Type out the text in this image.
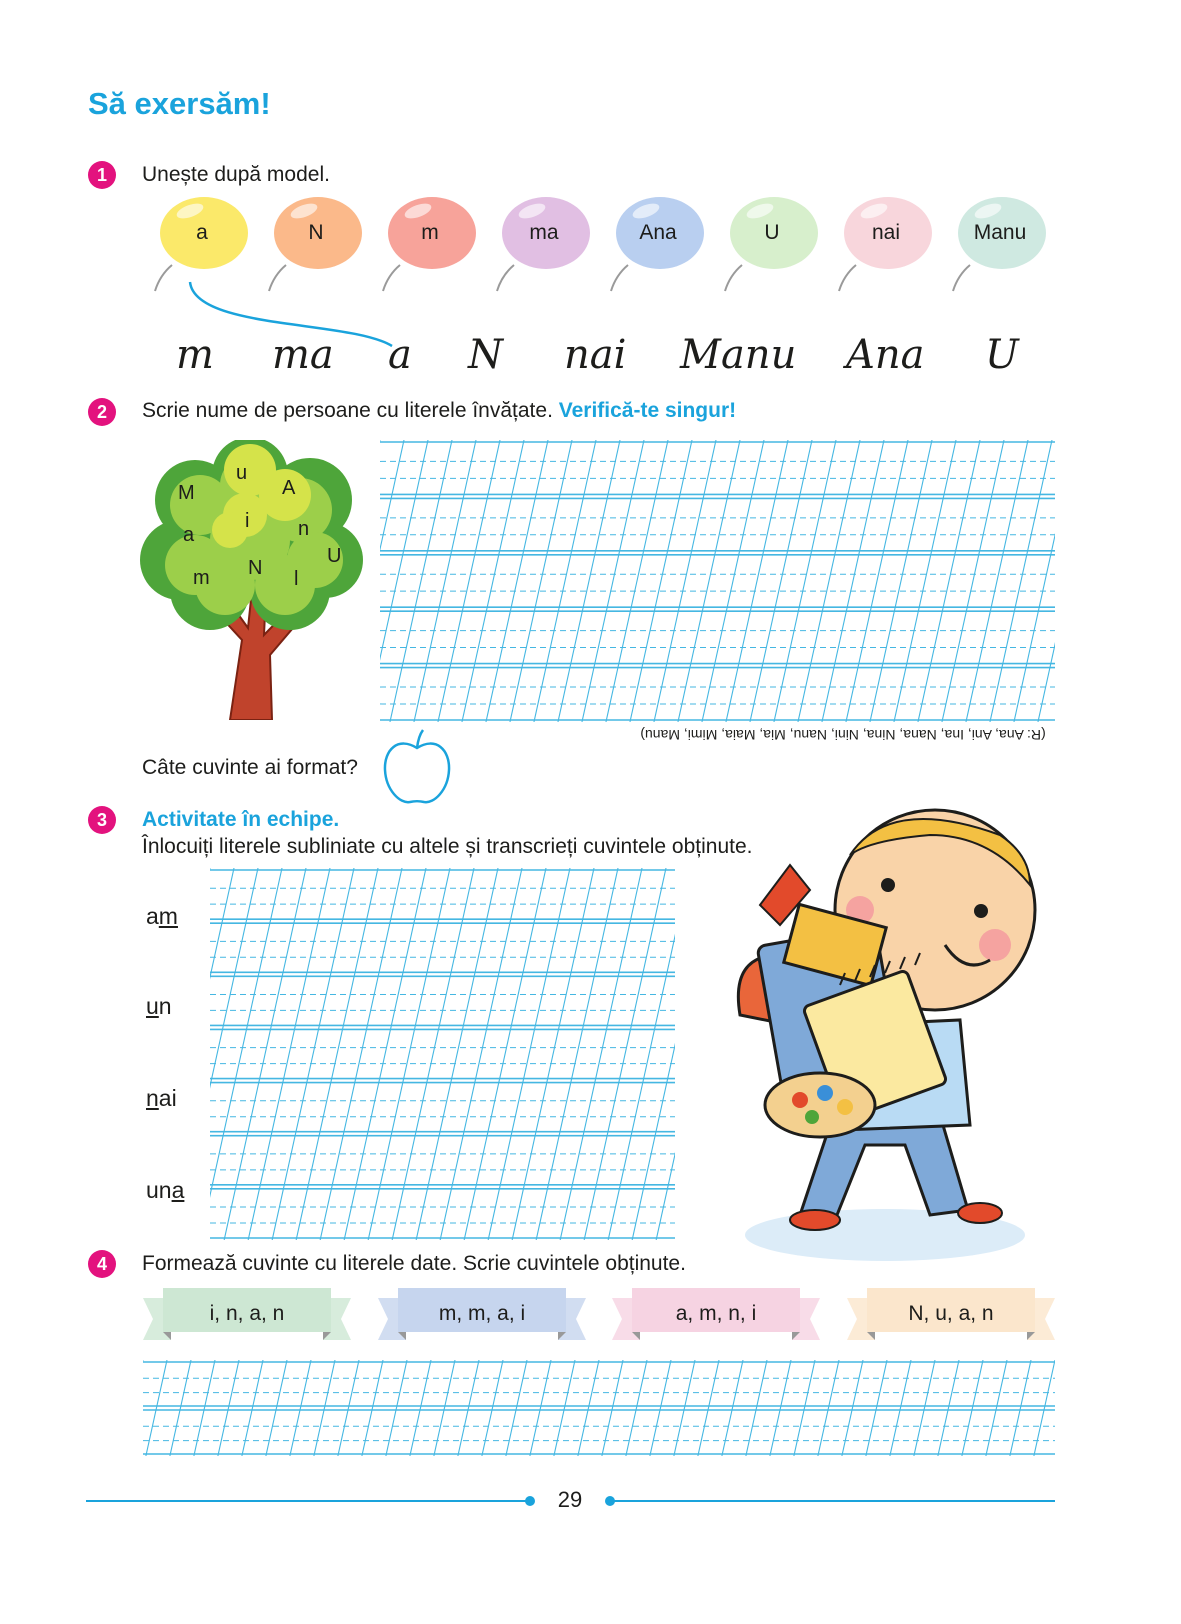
Să exersăm!
1	Unește după model.
a	N	m	ma	Ana	U	nai	Manu
m ma a N nai Manu Ana U
2	Scrie nume de persoane cu literele învățate. Verifică-te singur!
M
u
A
a
i n
U
m N l
(R: Ana, Ani, Ina, Nana, Nina, Nini, Nanu, Mia, Maia, Mimi, Manu)
Câte cuvinte ai format?
3	Activitate în echipe.
Înlocuiți literele subliniate cu altele și transcrieți cuvintele obținute.
am
un
nai
una
4	Formează cuvinte cu literele date. Scrie cuvintele obținute.
i, n, a, n	m, m, a, i	a, m, n, i	N, u, a, n
29
